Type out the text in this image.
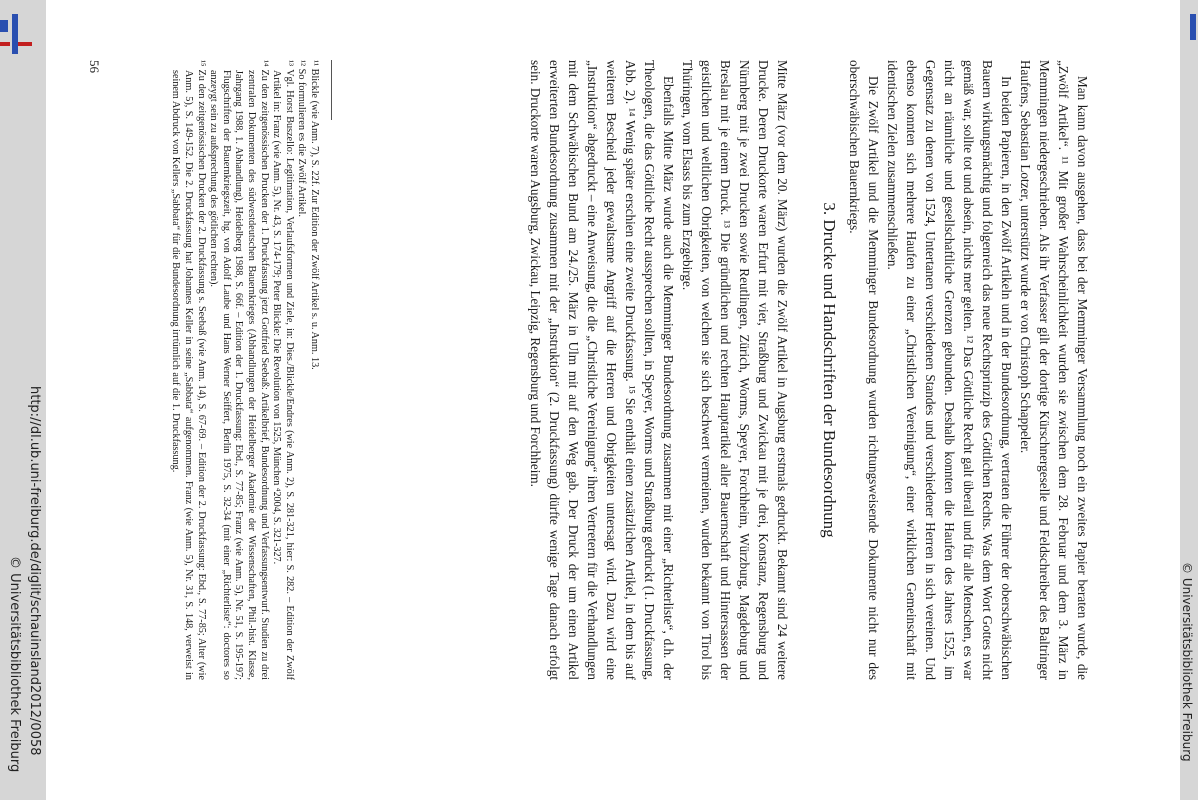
http://dl.ub.uni-freiburg.de/diglit/schauinsland2012/0058
© Universitätsbibliothek Freiburg	© Universitätsbibliothek Freiburg

Man kann davon ausgehen, dass bei der Memminger Versammlung noch ein zweites Papier beraten wurde, die „Zwölf Artikel“. ¹¹ Mit großer Wahrscheinlichkeit wurden sie zwischen dem 28. Februar und dem 3. März in Memmingen niedergeschrieben. Als ihr Verfasser gilt der dortige Kürschnergeselle und Feldschreiber des Baltringer Haufens, Sebastian Lotzer, unterstützt wurde er von Christoph Schappeler.

In beiden Papieren, in den Zwölf Artikeln und in der Bundesordnung, vertraten die Führer der oberschwäbischen Bauern wirkungsmächtig und folgenreich das neue Rechtsprinzip des Göttlichen Rechts. Was dem Wort Gottes nicht gemäß war, sollte tot und abseín, nichts mer gelten. ¹² Das Göttliche Recht galt überall und für alle Menschen, es war nicht an räumliche und gesellschaftliche Grenzen gebunden. Deshalb konnten die Haufen des Jahres 1525, im Gegensatz zu denen von 1524, Untertanen verschiedenen Standes und verschiedener Herren in sich vereinen. Und ebenso konnten sich mehrere Haufen zu einer „Christlichen Vereinigung“, einer wirklichen Gemeinschaft mit identischen Zielen zusammenschließen.

Die Zwölf Artikel und die Memminger Bundesordnung wurden richtungsweisende Dokumente nicht nur des oberschwäbischen Bauernkriegs.

3. Drucke und Handschriften der Bundesordnung

Mitte März (vor dem 20. März) wurden die Zwölf Artikel in Augsburg erstmals gedruckt. Bekannt sind 24 weitere Drucke. Deren Druckorte waren Erfurt mit vier, Straßburg und Zwickau mit je drei, Konstanz, Regensburg und Nürnberg mit je zwei Drucken sowie Reutlingen, Zürich, Worms, Speyer, Forchheim, Würzburg, Magdeburg und Breslau mit je einem Druck. ¹³ Die gründlichen und rechten Hauptartikel aller Bauernschaft und Hintersassen der geistlichen und weltlichen Obrigkeiten, von welchen sie sich beschwert vermeinen, wurden bekannt von Tirol bis Thüringen, vom Elsass bis zum Erzgebirge.

Ebenfalls Mitte März wurde auch die Memminger Bundesordnung zusammen mit einer „Richterliste“, d.h. der Theologen, die das Göttliche Recht aussprechen sollten, in Speyer, Worms und Straßburg gedruckt (1. Druckfassung, Abb. 2). ¹⁴ Wenig später erschien eine zweite Druckfassung. ¹⁵ Sie enthält einen zusätzlichen Artikel, in dem bis auf weiteren Bescheid jeder gewaltsame Angriff auf die Herren und Obrigkeiten untersagt wird. Dazu wird eine „Instruktion“ abgedruckt – eine Anweisung, die die „Christliche Vereinigung“ ihren Vertretern für die Verhandlungen mit dem Schwäbischen Bund am 24./25. März in Ulm mit auf den Weg gab. Der Druck der um einen Artikel erweiterten Bundesordnung zusammen mit der „Instruktion“ (2. Druckfassung) dürfte wenige Tage danach erfolgt sein. Druckorte waren Augsburg, Zwickau, Leipzig, Regensburg und Forchheim.

¹¹ Blickle (wie Anm. 7), S. 22f. Zur Edition der Zwölf Artikel s. u. Anm. 13.

¹² So formulieren es die Zwölf Artikel.

¹³ Vgl. Horst Buszello: Legitimation, Verlaufsformen und Ziele, in: Dies./Blickle/Endres (wie Anm. 2), S. 281-321, hier: S. 282. – Edition der Zwölf Artikel in: Franz (wie Anm. 5), Nr. 43, S. 174-179; Peter Blickle: Die Revolution von 1525, München ⁴2004, S. 321-327.

¹⁴ Zu den zeitgenössischen Drucken der 1. Druckfassung jetzt Gottfried Seebaß: Artikelbrief, Bundesordnung und Verfassungsentwurf. Studien zu drei zentralen Dokumenten des südwestdeutschen Bauernkrieges (Abhandlungen der Heidelberger Akademie der Wissenschaften, Phil.-hist. Klasse, Jahrgang 1988, 1. Abhandlung), Heidelberg 1988, S. 66f. – Edition der 1. Druckfassung: Ebd., S. 77-85; Franz (wie Anm. 5), Nr. 51, S. 195-197; Flugschriften der Bauernkriegszeit, hg. von Adolf Laube und Hans Werner Seiffert, Berlin 1975, S. 32-34 (mit einer „Richterliste“: doctores so anzeygt sein zu außsprechung des götlichen rechten).

¹⁵ Zu den zeitgenössischen Drucken der 2. Druckfassung s. Seebaß (wie Anm. 14), S. 67-69. – Edition der 2. Druckfassung: Ebd., S. 77-85; Alter (wie Anm. 5), S. 149-152. Die 2. Druckfassung hat Johannes Keller in seine „Sabbata“ aufgenommen. Franz (wie Anm. 5), Nr. 31, S. 148, verweist in seinem Abdruck von Kellers „Sabbata“ für die Bundesordnung irrtümlich auf die 1. Druckfassung.

56
